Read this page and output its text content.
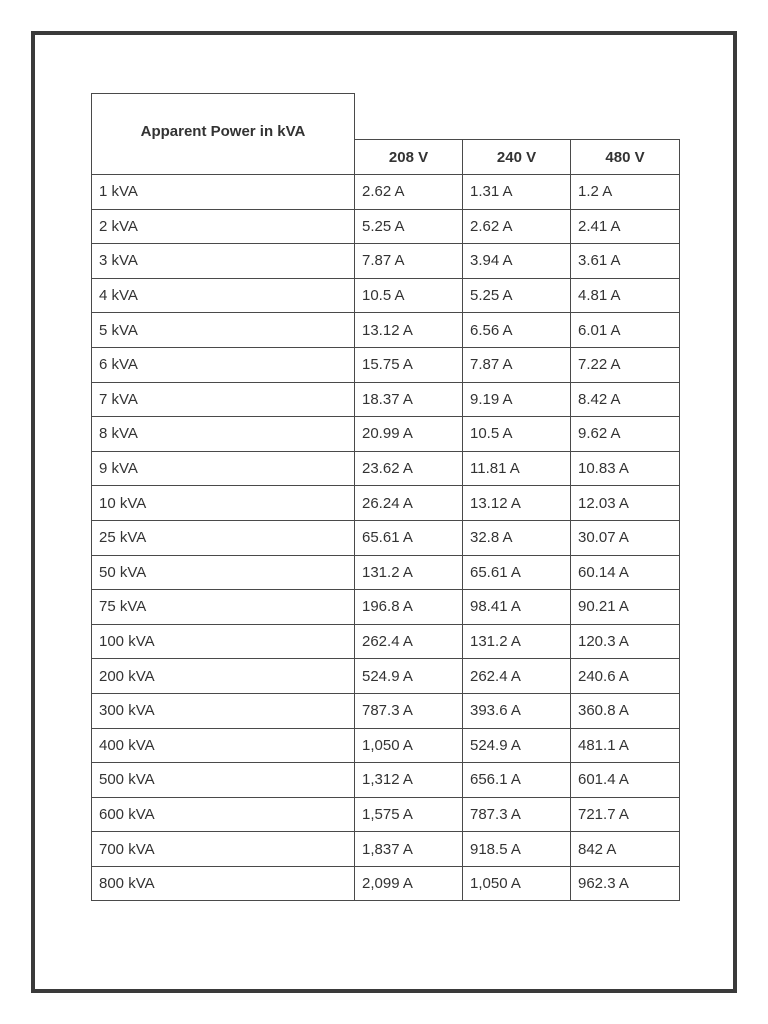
Apparent Power in kVA			
	208 V	240 V	480 V
1 kVA	2.62 A	1.31 A	1.2 A
2 kVA	5.25 A	2.62 A	2.41 A
3 kVA	7.87 A	3.94 A	3.61 A
4 kVA	10.5 A	5.25 A	4.81 A
5 kVA	13.12 A	6.56 A	6.01 A
6 kVA	15.75 A	7.87 A	7.22 A
7 kVA	18.37 A	9.19 A	8.42 A
8 kVA	20.99 A	10.5 A	9.62 A
9 kVA	23.62 A	11.81 A	10.83 A
10 kVA	26.24 A	13.12 A	12.03 A
25 kVA	65.61 A	32.8 A	30.07 A
50 kVA	131.2 A	65.61 A	60.14 A
75 kVA	196.8 A	98.41 A	90.21 A
100 kVA	262.4 A	131.2 A	120.3 A
200 kVA	524.9 A	262.4 A	240.6 A
300 kVA	787.3 A	393.6 A	360.8 A
400 kVA	1,050 A	524.9 A	481.1 A
500 kVA	1,312 A	656.1 A	601.4 A
600 kVA	1,575 A	787.3 A	721.7 A
700 kVA	1,837 A	918.5 A	842 A
800 kVA	2,099 A	1,050 A	962.3 A
